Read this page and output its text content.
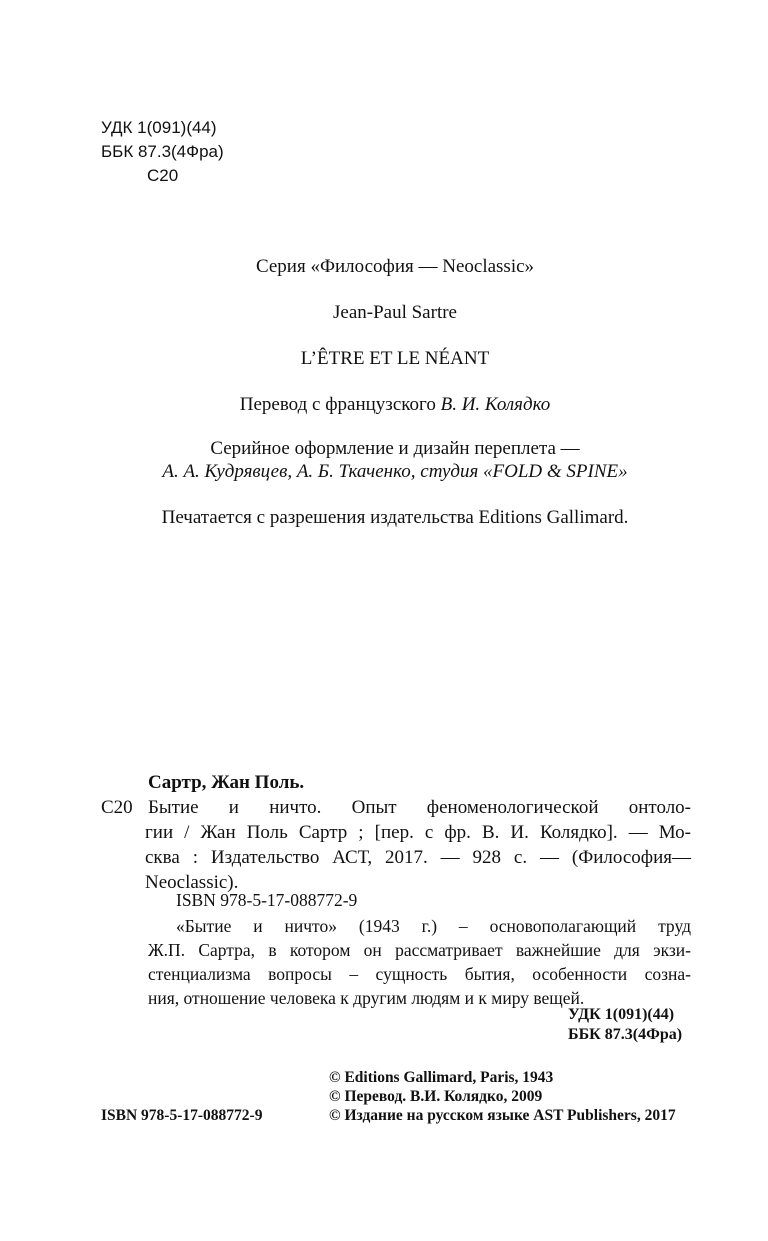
УДК 1(091)(44)
ББК 87.3(4Фра)
С20
Серия «Философия — Neoclassic»
Jean-Paul Sartre
L’ÊTRE ET LE NÉANT
Перевод с французского В. И. Колядко
Серийное оформление и дизайн переплета —
А. А. Кудрявцев, А. Б. Ткаченко, студия «FOLD & SPINE»
Печатается с разрешения издательства Editions Gallimard.
Сартр, Жан Поль.
С20 Бытие и ничто. Опыт феноменологической онтоло-
гии / Жан Поль Сартр ; [пер. с фр. В. И. Колядко]. — Мо-
сква : Издательство АСТ, 2017. — 928 с. — (Философия—
Neoclassic).
ISBN 978-5-17-088772-9
«Бытие и ничто» (1943 г.) – основополагающий труд
Ж.П. Сартра, в котором он рассматривает важнейшие для экзи-
стенциализма вопросы – сущность бытия, особенности созна-
ния, отношение человека к другим людям и к миру вещей.
УДК 1(091)(44)
ББК 87.3(4Фра)
ISBN 978-5-17-088772-9
© Editions Gallimard, Paris, 1943
© Перевод. В.И. Колядко, 2009
© Издание на русском языке AST Publishers, 2017
